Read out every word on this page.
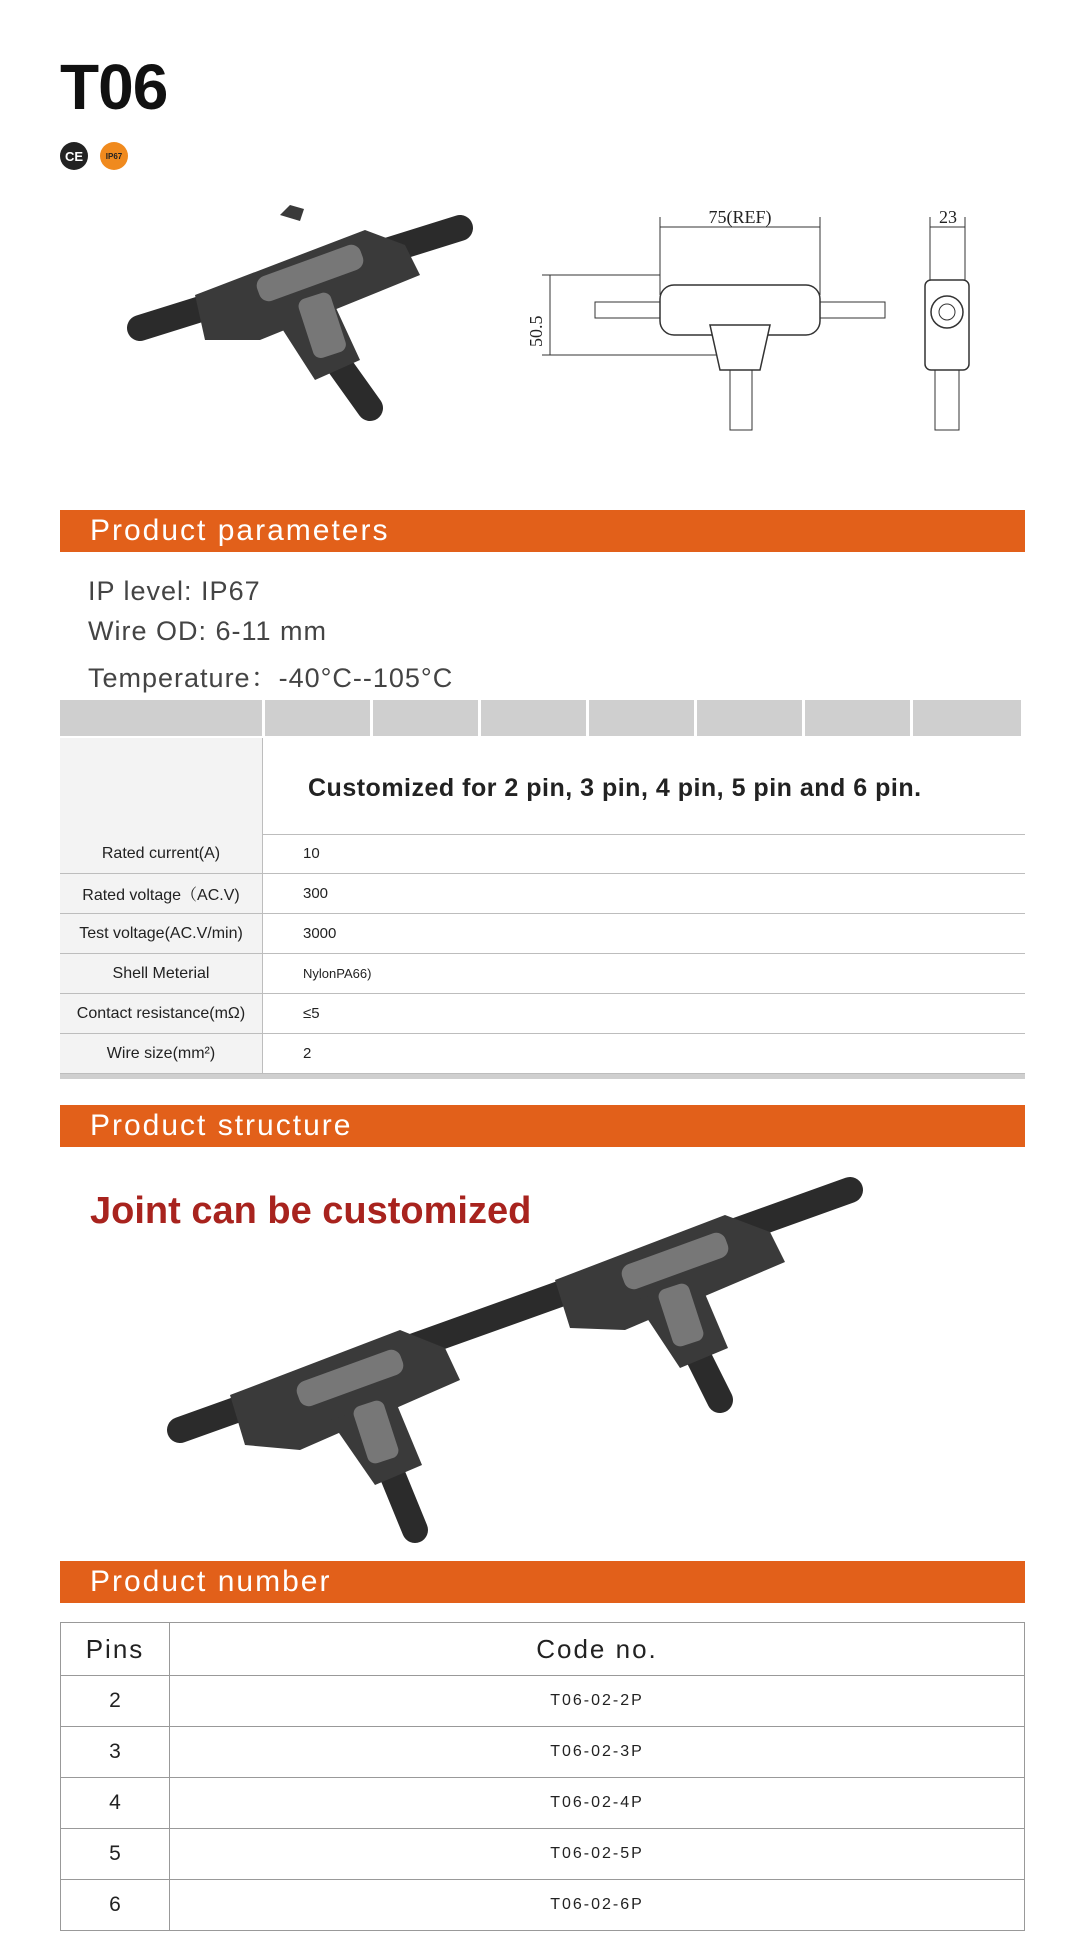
T06
CE	IP67
75(REF)
50.5
23
Product parameters
IP level: IP67
Wire OD: 6-11 mm
Temperature：-40°C--105°C
Customized for 2 pin, 3 pin, 4 pin, 5 pin and 6 pin.
Rated current(A)	10
Rated voltage（AC.V)	300
Test voltage(AC.V/min)	3000
Shell Meterial	NylonPA66)
Contact resistance(mΩ)	≤5
Wire size(mm²)	2
Product structure
Joint can be customized
Product number
Pins	Code no.
2	T06-02-2P
3	T06-02-3P
4	T06-02-4P
5	T06-02-5P
6	T06-02-6P
